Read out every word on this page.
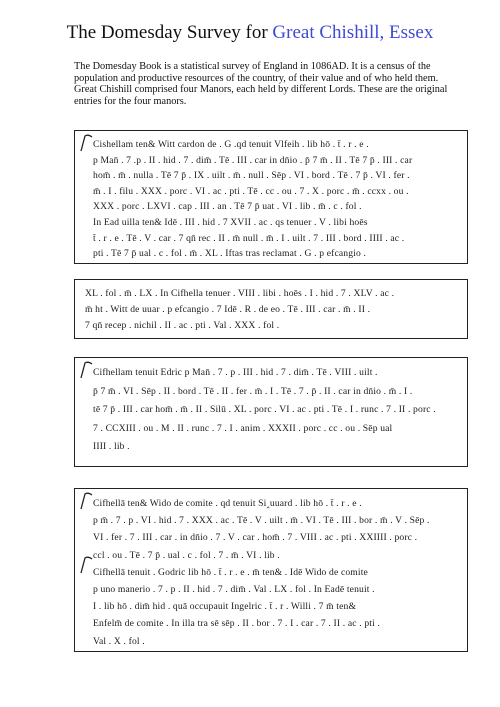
The Domesday Survey for Great Chishill, Essex

The Domesday Book is a statistical survey of England in 1086AD. It is a census of the population and productive resources of the country, of their value and of who held them.

Great Chishill comprised four Manors, each held by different Lords. These are the original entries for the four manors.

Cishellam ten& Witt cardon de . G .qd tenuit Vlfeih . lib hō . t̄ . r . e .
p Man̄ . 7 .p . II . hid . 7 . dim̄ . Tē . III . car in dn̄io . p̄ 7 m̄ . II . Tē 7 p̄ . III . car
hom̄ . m̄ . nulla . Tē 7 p̄ . IX . uilt . m̄ . null . Sēp . VI . bord . Tē . 7 p̄ . VI . fer .
m̄ . I . filu . XXX . porc . VI . ac . pti . Tē . cc . ou . 7 . X . porc . m̄ . ccxx . ou .
XXX . porc . LXVI . cap . III . an . Tē 7 p̄ uat . VI . lib . m̄ . c . fol .
In Ead uilla ten& Idē . III . hid . 7 XVII . ac . qs tenuer . V . libi hoēs
t̄ . r . e . Tē . V . car . 7 qn̄ rec . II . m̄ null . m̄ . I . uilt . 7 . III . bord . IIII . ac .
pti . Tē 7 p̄ ual . c . fol . m̄ . XL . Iftas tras reclamat . G . p efcangio .
XL . fol . m̄ . LX . In Cifhella tenuer . VIII . libi . hoēs . I . hid . 7 . XLV . ac .
m̄ ht . Witt de uuar . p efcangio . 7 Idē . R . de eo . Tē . III . car . m̄ . II .
7 qn̄ recep . nichil . II . ac . pti . Val . XXX . fol .
Cifhellam tenuit Edric p Man̄ . 7 . p . III . hid . 7 . dim̄ . Tē . VIII . uilt .
p̄ 7 m̄ . VI . Sēp . II . bord . Tē . II . fer . m̄ . I . Tē . 7 . p̄ . II . car in dn̄io . m̄ . I .
tē 7 p̄ . III . car hom̄ . m̄ . II . Silū . XL . porc . VI . ac . pti . Tē . I . runc . 7 . II . porc .
7 . CCXIII . ou . M . II . runc . 7 . I . anim . XXXII . porc . cc . ou . Sēp ual
IIII . lib .
Cifhellā ten& Wido de comite . qd tenuit Si‸uuard . lib hō . t̄ . r . e .
p m̄ . 7 . p . VI . hid . 7 . XXX . ac . Tē . V . uilt . m̄ . VI . Tē . III . bor . m̄ . V . Sēp .
VI . fer . 7 . III . car . in dn̄io . 7 . V . car . hom̄ . 7 . VIII . ac . pti . XXIIII . porc .
ccl . ou . Tē . 7 p̄ . ual . c . fol . 7 . m̄ . VI . lib .
Cifhellā tenuit . Godric lib hō . t̄ . r . e . m̄ ten& . Idē Wido de comite
p uno manerio . 7 . p . II . hid . 7 . dim̄ . Val . LX . fol . In Eadē tenuit .
I . lib hō . dim̄ hid . quā occupauit Ingelric . t̄ . r . Willi . 7 m̄ ten&
Enfelm̄ de comite . In illa tra sē sēp . II . bor . 7 . I . car . 7 . II . ac . pti .
Val . X . fol .
